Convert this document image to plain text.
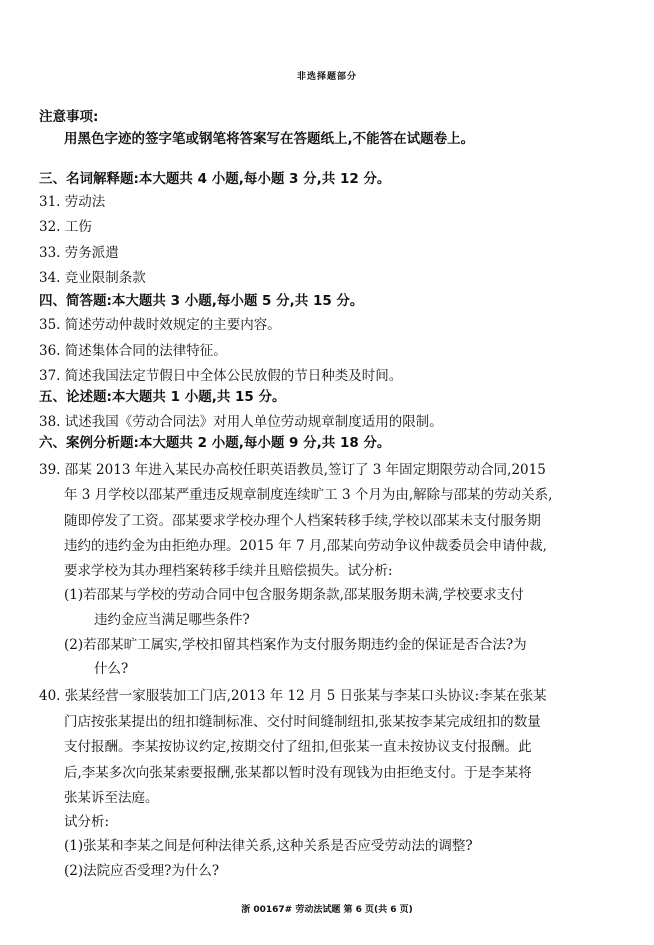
非选择题部分
注意事项:
用黑色字迹的签字笔或钢笔将答案写在答题纸上,不能答在试题卷上。
三、名词解释题:本大题共 4 小题,每小题 3 分,共 12 分。
31. 劳动法
32. 工伤
33. 劳务派遣
34. 竞业限制条款
四、简答题:本大题共 3 小题,每小题 5 分,共 15 分。
35. 简述劳动仲裁时效规定的主要内容。
36. 简述集体合同的法律特征。
37. 简述我国法定节假日中全体公民放假的节日种类及时间。
五、论述题:本大题共 1 小题,共 15 分。
38. 试述我国《劳动合同法》对用人单位劳动规章制度适用的限制。
六、案例分析题:本大题共 2 小题,每小题 9 分,共 18 分。
39. 邵某 2013 年进入某民办高校任职英语教员,签订了 3 年固定期限劳动合同,2015
年 3 月学校以邵某严重违反规章制度连续旷工 3 个月为由,解除与邵某的劳动关系,
随即停发了工资。邵某要求学校办理个人档案转移手续,学校以邵某未支付服务期
违约的违约金为由拒绝办理。2015 年 7 月,邵某向劳动争议仲裁委员会申请仲裁,
要求学校为其办理档案转移手续并且赔偿损失。试分析:
(1)若邵某与学校的劳动合同中包含服务期条款,邵某服务期未满,学校要求支付
违约金应当满足哪些条件?
(2)若邵某旷工属实,学校扣留其档案作为支付服务期违约金的保证是否合法?为
什么?
40. 张某经营一家服装加工门店,2013 年 12 月 5 日张某与李某口头协议:李某在张某
门店按张某提出的纽扣缝制标准、交付时间缝制纽扣,张某按李某完成纽扣的数量
支付报酬。李某按协议约定,按期交付了纽扣,但张某一直未按协议支付报酬。此
后,李某多次向张某索要报酬,张某都以暂时没有现钱为由拒绝支付。于是李某将
张某诉至法庭。
试分析:
(1)张某和李某之间是何种法律关系,这种关系是否应受劳动法的调整?
(2)法院应否受理?为什么?
浙 00167# 劳动法试题 第 6 页(共 6 页)
